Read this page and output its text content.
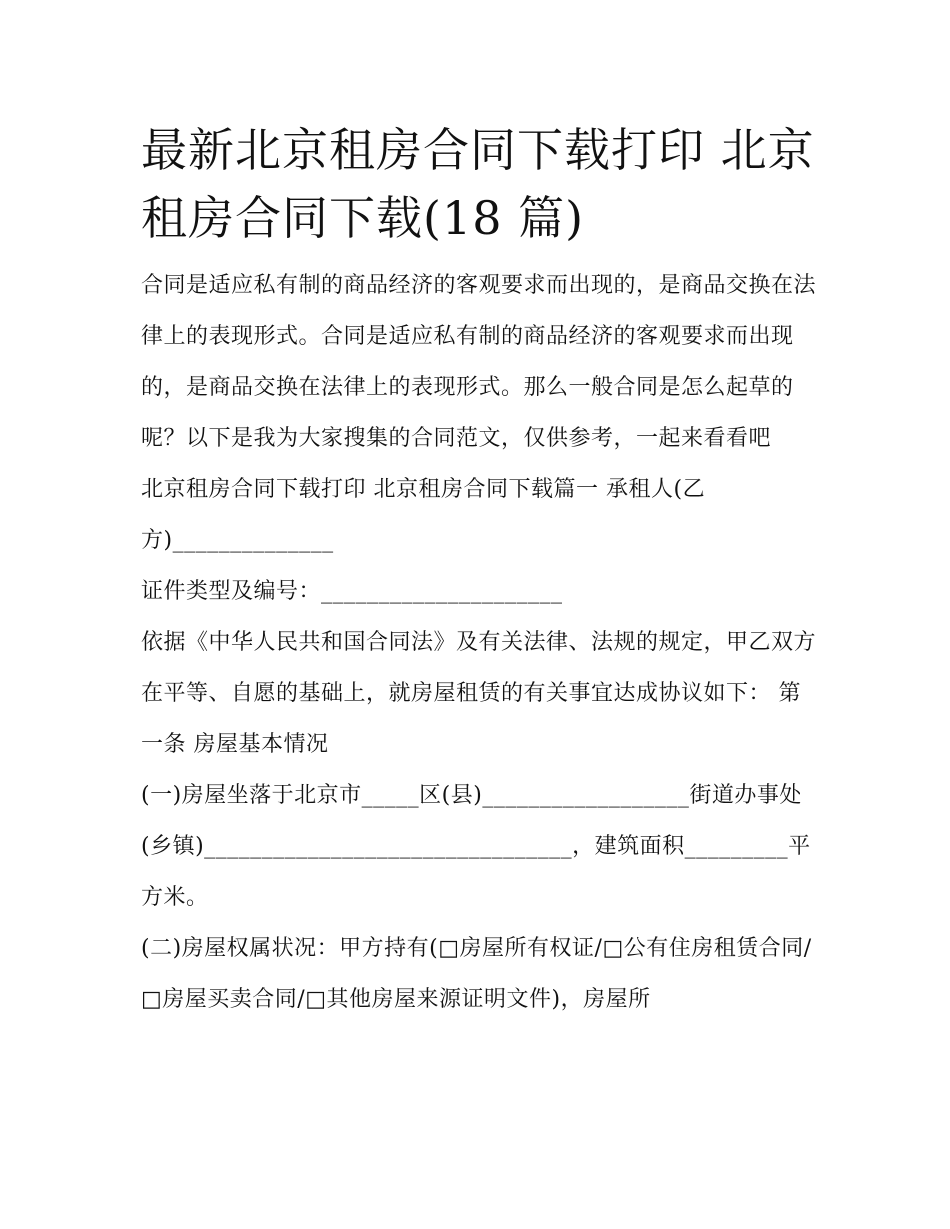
最新北京租房合同下载打印 北京租房合同下载(18 篇)

合同是适应私有制的商品经济的客观要求而出现的，是商品交换在法律上的表现形式。合同是适应私有制的商品经济的客观要求而出现的，是商品交换在法律上的表现形式。那么一般合同是怎么起草的呢？以下是我为大家搜集的合同范文，仅供参考，一起来看看吧

北京租房合同下载打印 北京租房合同下载篇一 承租人(乙方)______________

证件类型及编号：_____________________

依据《中华人民共和国合同法》及有关法律、法规的规定，甲乙双方在平等、自愿的基础上，就房屋租赁的有关事宜达成协议如下： 第一条 房屋基本情况

(一)房屋坐落于北京市_____区(县)__________________街道办事处(乡镇)________________________________，建筑面积_________平方米。

(二)房屋权属状况：甲方持有(□房屋所有权证/□公有住房租赁合同/□房屋买卖合同/□其他房屋来源证明文件)，房屋所
